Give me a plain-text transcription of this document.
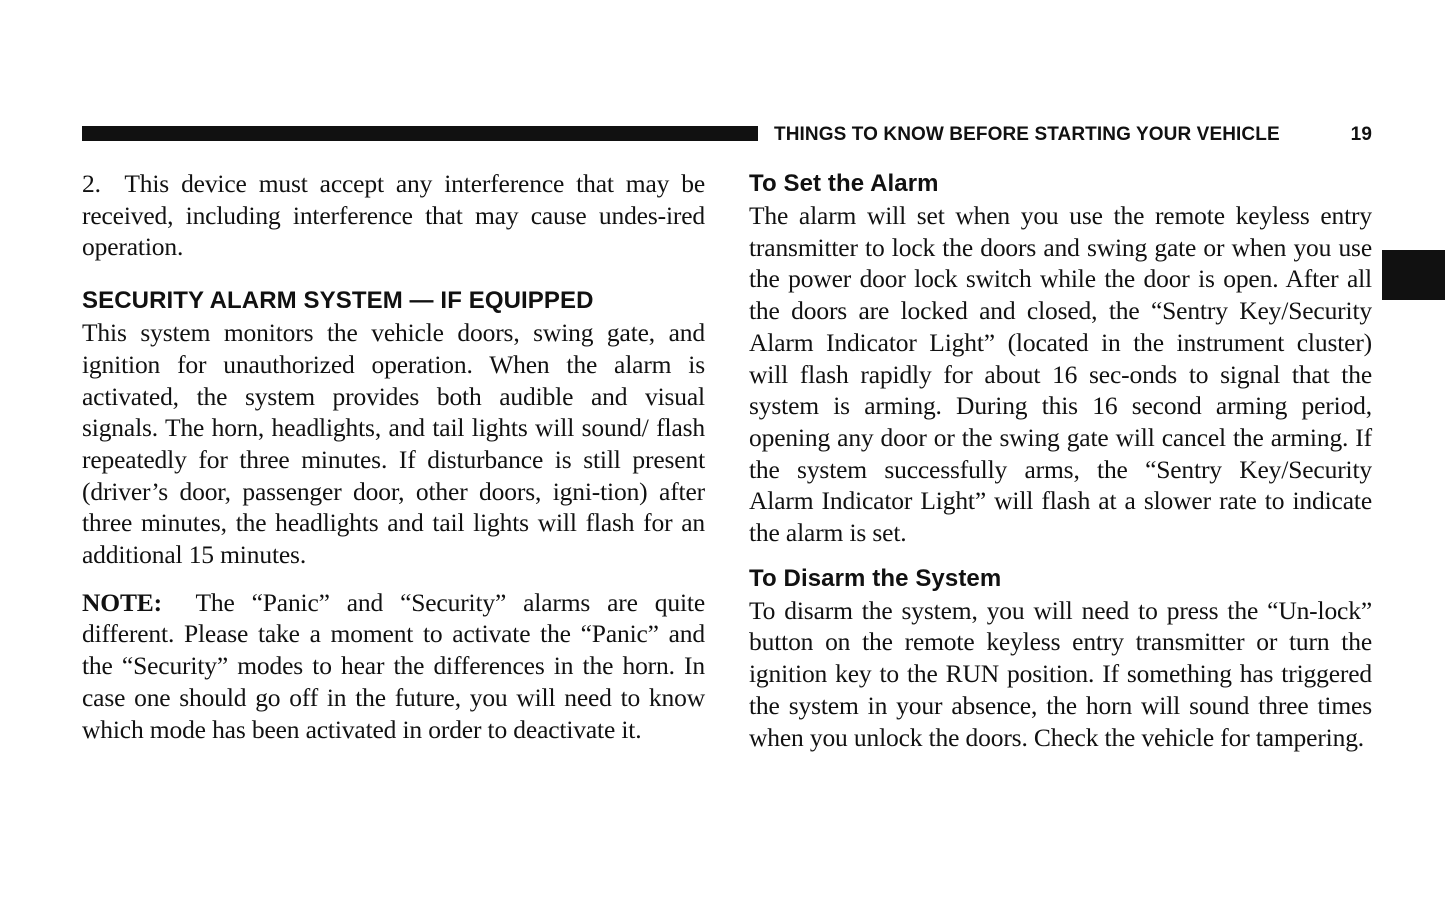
THINGS TO KNOW BEFORE STARTING YOUR VEHICLE	19

2.  This device must accept any interference that may be received, including interference that may cause undes-ired operation.

SECURITY ALARM SYSTEM — IF EQUIPPED

This system monitors the vehicle doors, swing gate, and ignition for unauthorized operation. When the alarm is activated, the system provides both audible and visual signals. The horn, headlights, and tail lights will sound/ flash repeatedly for three minutes. If disturbance is still present (driver’s door, passenger door, other doors, igni-tion) after three minutes, the headlights and tail lights will flash for an additional 15 minutes.

NOTE:  The “Panic” and “Security” alarms are quite different. Please take a moment to activate the “Panic” and the “Security” modes to hear the differences in the horn. In case one should go off in the future, you will need to know which mode has been activated in order to deactivate it.

To Set the Alarm

The alarm will set when you use the remote keyless entry transmitter to lock the doors and swing gate or when you use the power door lock switch while the door is open. After all the doors are locked and closed, the “Sentry Key/Security Alarm Indicator Light” (located in the instrument cluster) will flash rapidly for about 16 sec-onds to signal that the system is arming. During this 16 second arming period, opening any door or the swing gate will cancel the arming. If the system successfully arms, the “Sentry Key/Security Alarm Indicator Light” will flash at a slower rate to indicate the alarm is set.

To Disarm the System

To disarm the system, you will need to press the “Un-lock” button on the remote keyless entry transmitter or turn the ignition key to the RUN position. If something has triggered the system in your absence, the horn will sound three times when you unlock the doors. Check the vehicle for tampering.
